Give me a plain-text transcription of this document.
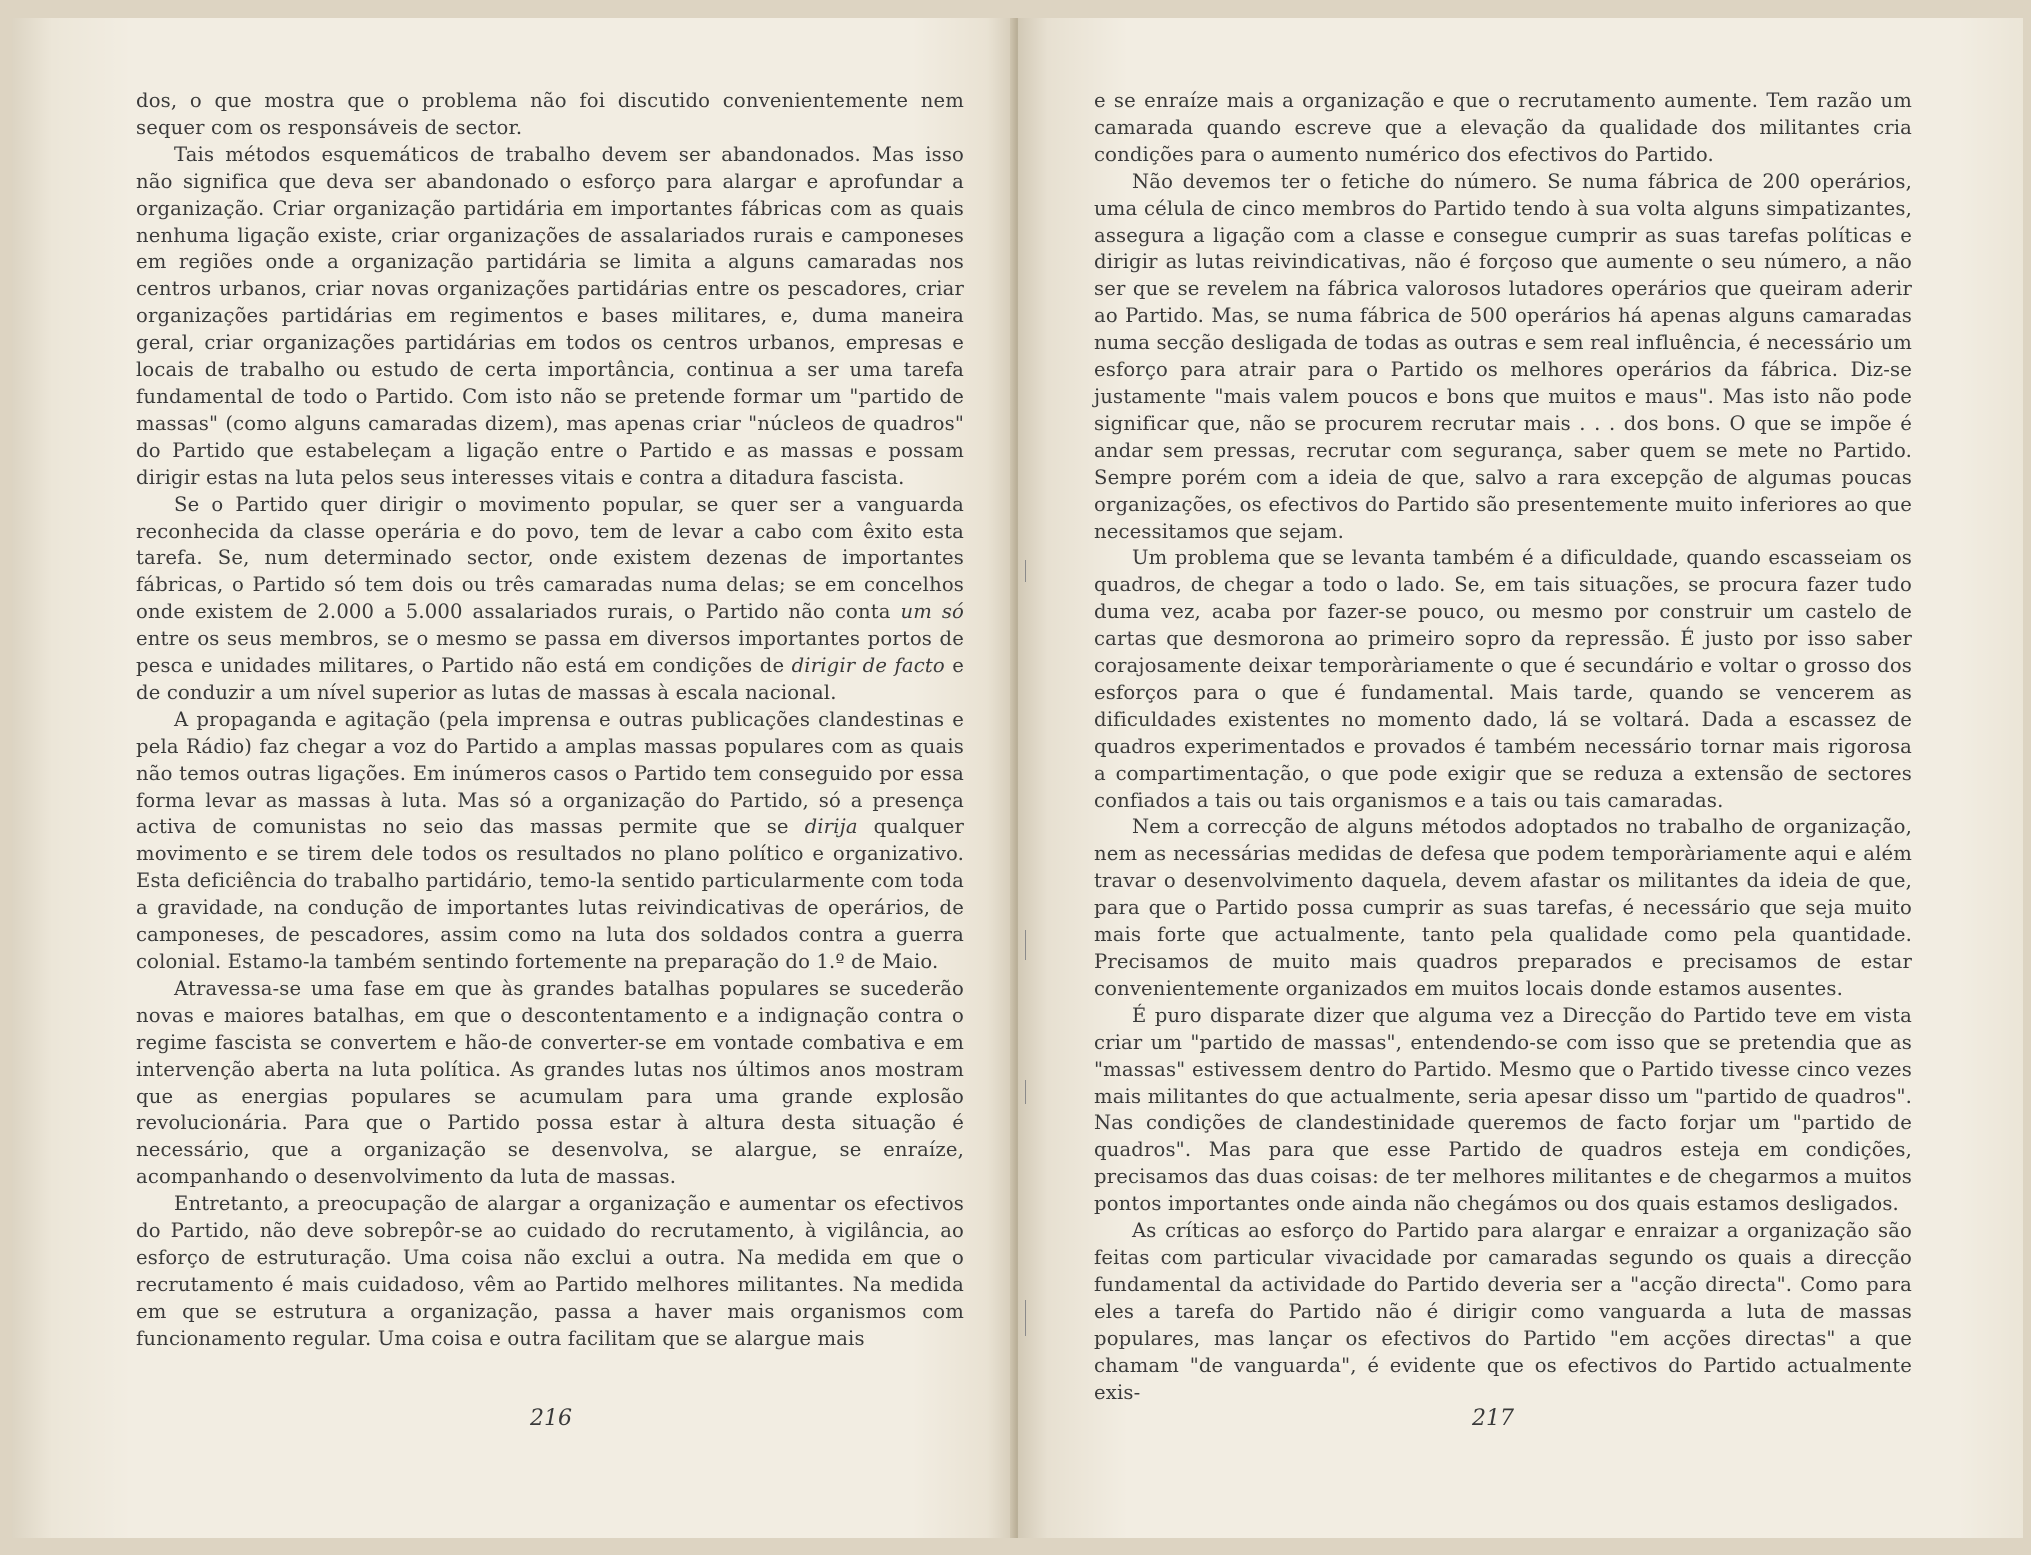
dos, o que mostra que o problema não foi discutido convenientemente nem sequer com os responsáveis de sector.

Tais métodos esquemáticos de trabalho devem ser abandonados. Mas isso não significa que deva ser abandonado o esforço para alargar e aprofundar a organização. Criar organização partidária em importantes fábricas com as quais nenhuma ligação existe, criar organizações de assalariados rurais e camponeses em regiões onde a organização partidária se limita a alguns camaradas nos centros urbanos, criar novas organizações partidárias entre os pescadores, criar organizações partidárias em regimentos e bases militares, e, duma maneira geral, criar organizações partidárias em todos os centros urbanos, empresas e locais de trabalho ou estudo de certa importância, continua a ser uma tarefa fundamental de todo o Partido. Com isto não se pretende formar um "partido de massas" (como alguns camaradas dizem), mas apenas criar "núcleos de quadros" do Partido que estabeleçam a ligação entre o Partido e as massas e possam dirigir estas na luta pelos seus interesses vitais e contra a ditadura fascista.

Se o Partido quer dirigir o movimento popular, se quer ser a vanguarda reconhecida da classe operária e do povo, tem de levar a cabo com êxito esta tarefa. Se, num determinado sector, onde existem dezenas de importantes fábricas, o Partido só tem dois ou três camaradas numa delas; se em concelhos onde existem de 2.000 a 5.000 assalariados rurais, o Partido não conta um só entre os seus membros, se o mesmo se passa em diversos importantes portos de pesca e unidades militares, o Partido não está em condições de dirigir de facto e de conduzir a um nível superior as lutas de massas à escala nacional.

A propaganda e agitação (pela imprensa e outras publicações clandestinas e pela Rádio) faz chegar a voz do Partido a amplas massas populares com as quais não temos outras ligações. Em inúmeros casos o Partido tem conseguido por essa forma levar as massas à luta. Mas só a organização do Partido, só a presença activa de comunistas no seio das massas permite que se dirija qualquer movimento e se tirem dele todos os resultados no plano político e organizativo. Esta deficiência do trabalho partidário, temo-la sentido particularmente com toda a gravidade, na condução de importantes lutas reivindicativas de operários, de camponeses, de pescadores, assim como na luta dos soldados contra a guerra colonial. Estamo-la também sentindo fortemente na preparação do 1.º de Maio.

Atravessa-se uma fase em que às grandes batalhas populares se sucederão novas e maiores batalhas, em que o descontentamento e a indignação contra o regime fascista se convertem e hão-de converter-se em vontade combativa e em intervenção aberta na luta política. As grandes lutas nos últimos anos mostram que as energias populares se acumulam para uma grande explosão revolucionária. Para que o Partido possa estar à altura desta situação é necessário, que a organização se desenvolva, se alargue, se enraíze, acompanhando o desenvolvimento da luta de massas.

Entretanto, a preocupação de alargar a organização e aumentar os efectivos do Partido, não deve sobrepôr-se ao cuidado do recrutamento, à vigilância, ao esforço de estruturação. Uma coisa não exclui a outra. Na medida em que o recrutamento é mais cuidadoso, vêm ao Partido melhores militantes. Na medida em que se estrutura a organização, passa a haver mais organismos com funcionamento regular. Uma coisa e outra facilitam que se alargue mais

216

e se enraíze mais a organização e que o recrutamento aumente. Tem razão um camarada quando escreve que a elevação da qualidade dos militantes cria condições para o aumento numérico dos efectivos do Partido.

Não devemos ter o fetiche do número. Se numa fábrica de 200 operários, uma célula de cinco membros do Partido tendo à sua volta alguns simpatizantes, assegura a ligação com a classe e consegue cumprir as suas tarefas políticas e dirigir as lutas reivindicativas, não é forçoso que aumente o seu número, a não ser que se revelem na fábrica valorosos lutadores operários que queiram aderir ao Partido. Mas, se numa fábrica de 500 operários há apenas alguns camaradas numa secção desligada de todas as outras e sem real influência, é necessário um esforço para atrair para o Partido os melhores operários da fábrica. Diz-se justamente "mais valem poucos e bons que muitos e maus". Mas isto não pode significar que, não se procurem recrutar mais . . . dos bons. O que se impõe é andar sem pressas, recrutar com segurança, saber quem se mete no Partido. Sempre porém com a ideia de que, salvo a rara excepção de algumas poucas organizações, os efectivos do Partido são presentemente muito inferiores ao que necessitamos que sejam.

Um problema que se levanta também é a dificuldade, quando escasseiam os quadros, de chegar a todo o lado. Se, em tais situações, se procura fazer tudo duma vez, acaba por fazer-se pouco, ou mesmo por construir um castelo de cartas que desmorona ao primeiro sopro da repressão. É justo por isso saber corajosamente deixar temporàriamente o que é secundário e voltar o grosso dos esforços para o que é fundamental. Mais tarde, quando se vencerem as dificuldades existentes no momento dado, lá se voltará. Dada a escassez de quadros experimentados e provados é também necessário tornar mais rigorosa a compartimentação, o que pode exigir que se reduza a extensão de sectores confiados a tais ou tais organismos e a tais ou tais camaradas.

Nem a correcção de alguns métodos adoptados no trabalho de organização, nem as necessárias medidas de defesa que podem temporàriamente aqui e além travar o desenvolvimento daquela, devem afastar os militantes da ideia de que, para que o Partido possa cumprir as suas tarefas, é necessário que seja muito mais forte que actualmente, tanto pela qualidade como pela quantidade. Precisamos de muito mais quadros preparados e precisamos de estar convenientemente organizados em muitos locais donde estamos ausentes.

É puro disparate dizer que alguma vez a Direcção do Partido teve em vista criar um "partido de massas", entendendo-se com isso que se pretendia que as "massas" estivessem dentro do Partido. Mesmo que o Partido tivesse cinco vezes mais militantes do que actualmente, seria apesar disso um "partido de quadros". Nas condições de clandestinidade queremos de facto forjar um "partido de quadros". Mas para que esse Partido de quadros esteja em condições, precisamos das duas coisas: de ter melhores militantes e de chegarmos a muitos pontos importantes onde ainda não chegámos ou dos quais estamos desligados.

As críticas ao esforço do Partido para alargar e enraizar a organização são feitas com particular vivacidade por camaradas segundo os quais a direcção fundamental da actividade do Partido deveria ser a "acção directa". Como para eles a tarefa do Partido não é dirigir como vanguarda a luta de massas populares, mas lançar os efectivos do Partido "em acções directas" a que chamam "de vanguarda", é evidente que os efectivos do Partido actualmente exis-

217
